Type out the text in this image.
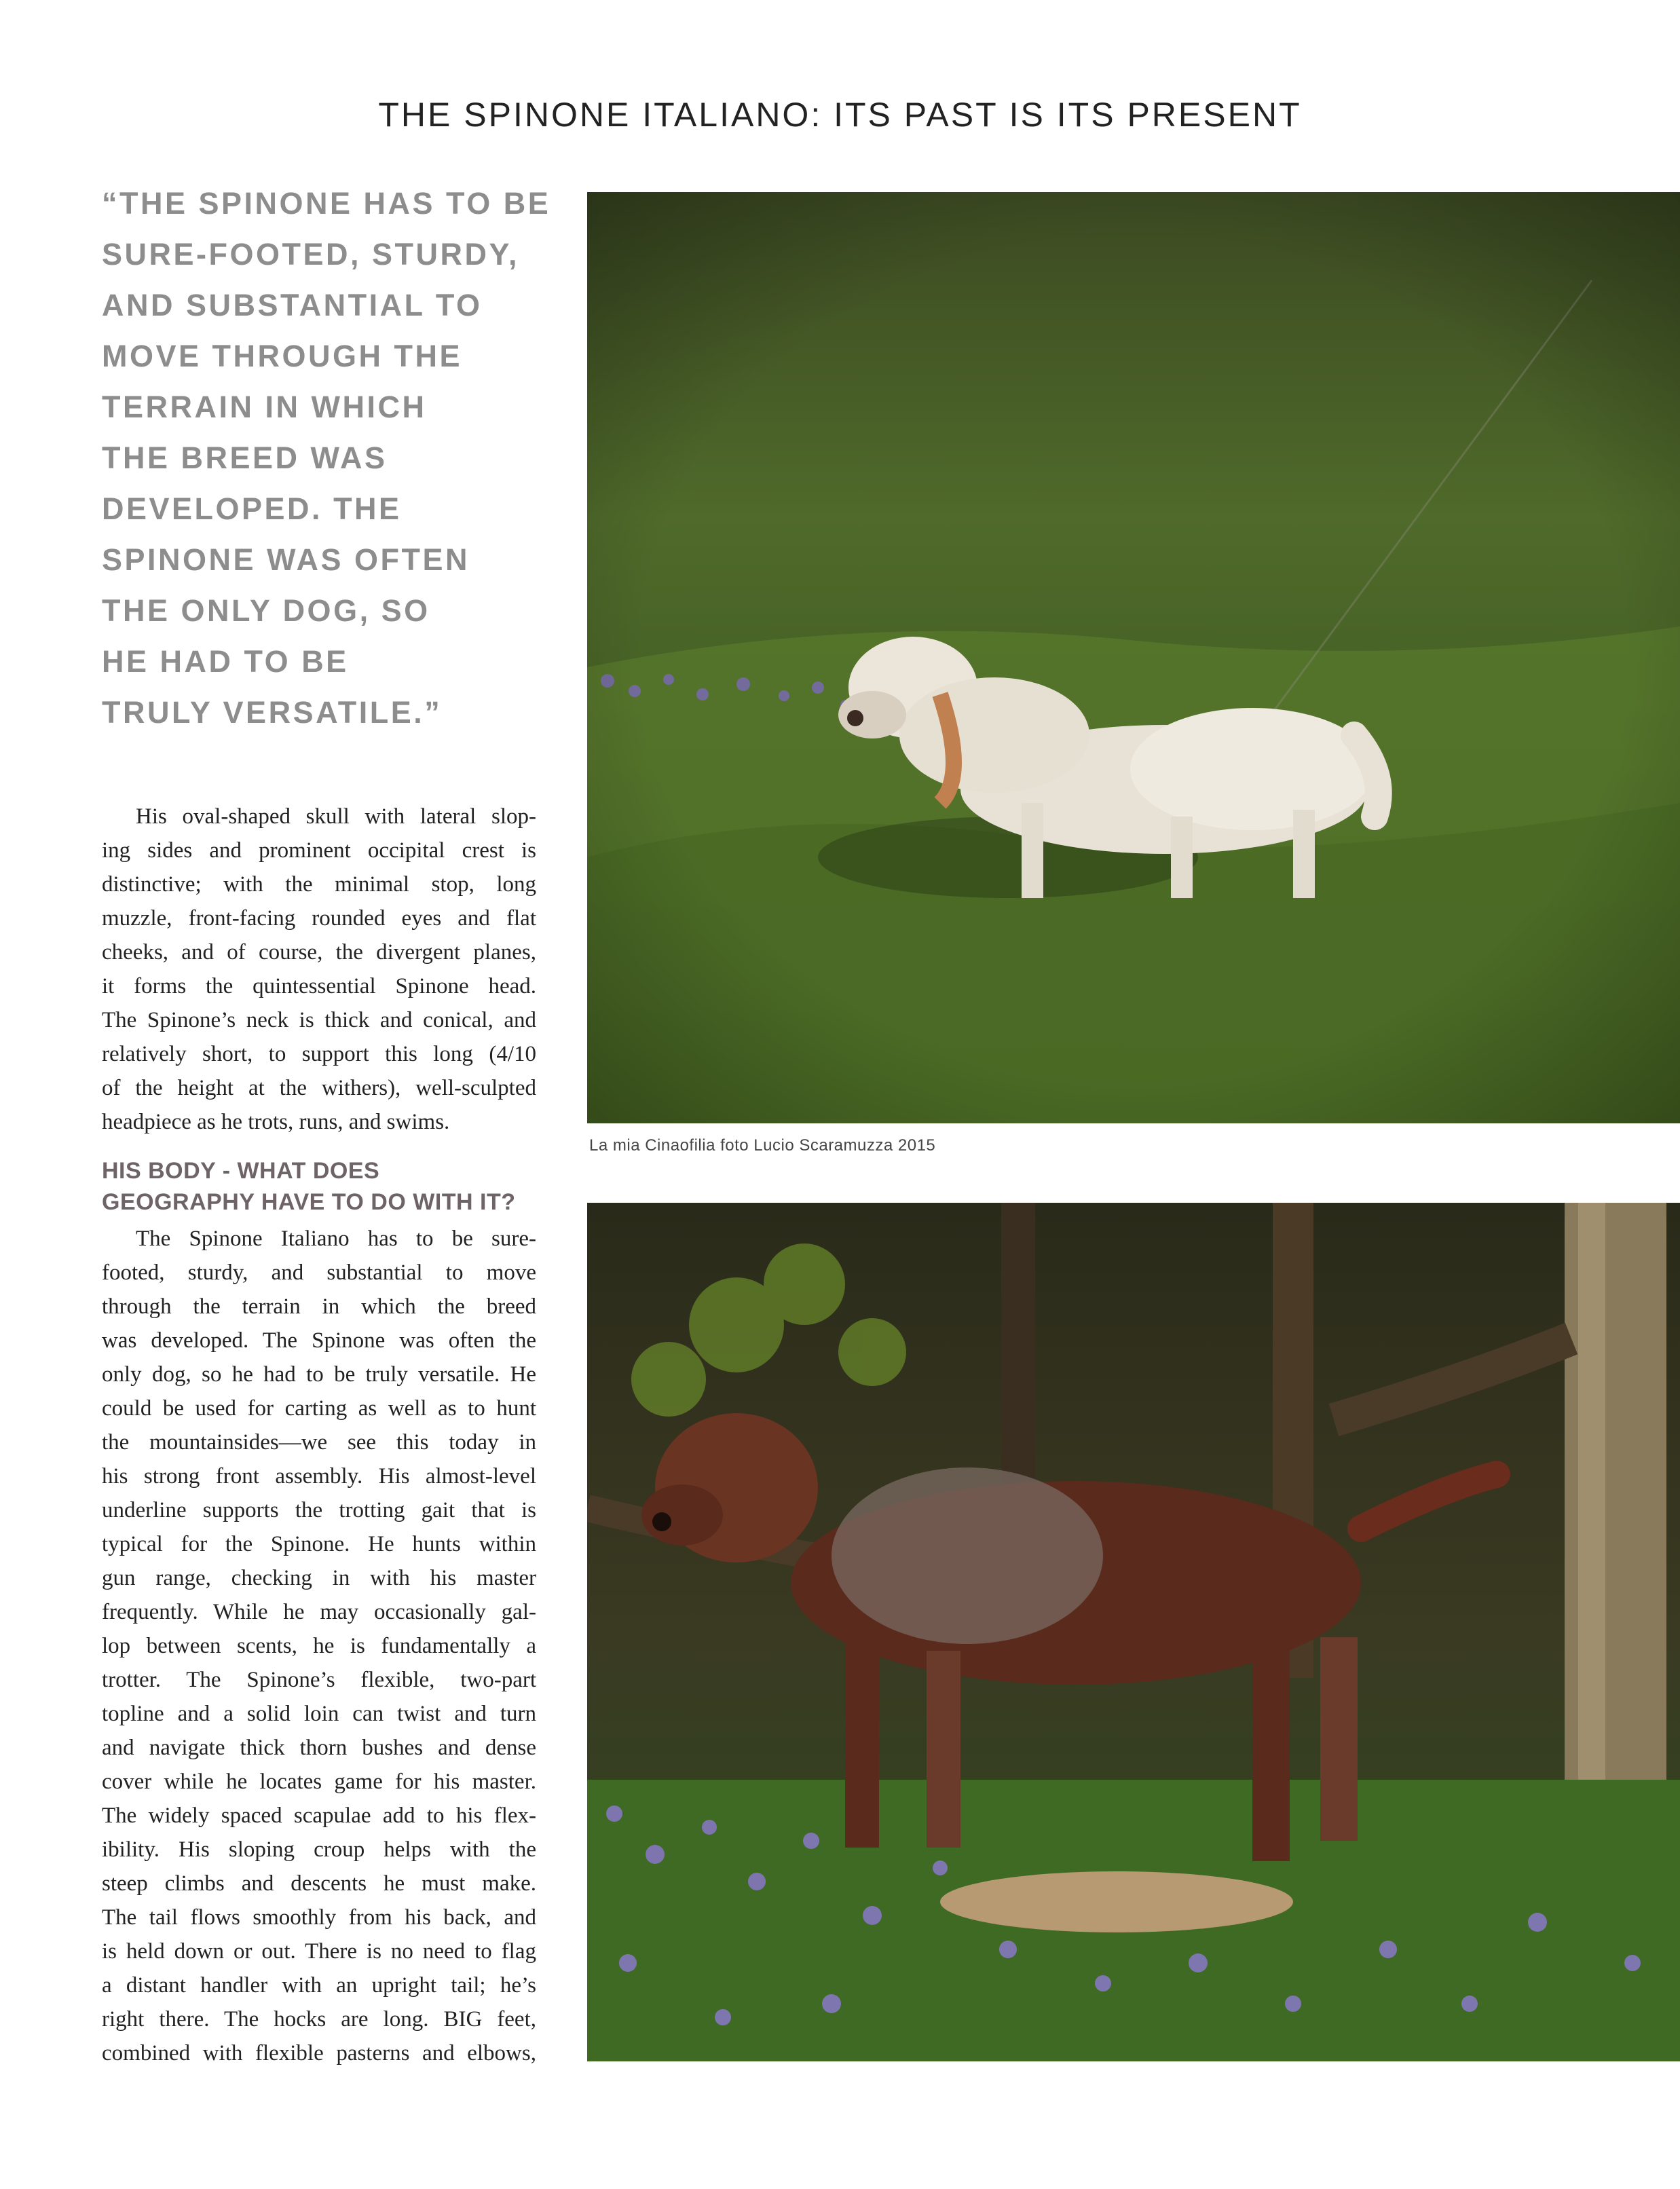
THE SPINONE ITALIANO: ITS PAST IS ITS PRESENT
“THE SPINONE HAS TO BE
SURE-FOOTED, STURDY,
AND SUBSTANTIAL TO
MOVE THROUGH THE
TERRAIN IN WHICH
THE BREED WAS
DEVELOPED. THE
SPINONE WAS OFTEN
THE ONLY DOG, SO
HE HAD TO BE
TRULY VERSATILE.”
His oval-shaped skull with lateral slop-
ing sides and prominent occipital crest is
distinctive; with the minimal stop, long
muzzle, front-facing rounded eyes and flat
cheeks, and of course, the divergent planes,
it forms the quintessential Spinone head.
The Spinone’s neck is thick and conical, and
relatively short, to support this long (4/10
of the height at the withers), well-sculpted
headpiece as he trots, runs, and swims.
HIS BODY - WHAT DOES
GEOGRAPHY HAVE TO DO WITH IT?
The Spinone Italiano has to be sure-
footed, sturdy, and substantial to move
through the terrain in which the breed
was developed. The Spinone was often the
only dog, so he had to be truly versatile. He
could be used for carting as well as to hunt
the mountainsides—we see this today in
his strong front assembly. His almost-level
underline supports the trotting gait that is
typical for the Spinone. He hunts within
gun range, checking in with his master
frequently. While he may occasionally gal-
lop between scents, he is fundamentally a
trotter. The Spinone’s flexible, two-part
topline and a solid loin can twist and turn
and navigate thick thorn bushes and dense
cover while he locates game for his master.
The widely spaced scapulae add to his flex-
ibility. His sloping croup helps with the
steep climbs and descents he must make.
The tail flows smoothly from his back, and
is held down or out. There is no need to flag
a distant handler with an upright tail; he’s
right there. The hocks are long. BIG feet,
combined with flexible pasterns and elbows,
La mia Cinaofilia foto Lucio Scaramuzza 2015
